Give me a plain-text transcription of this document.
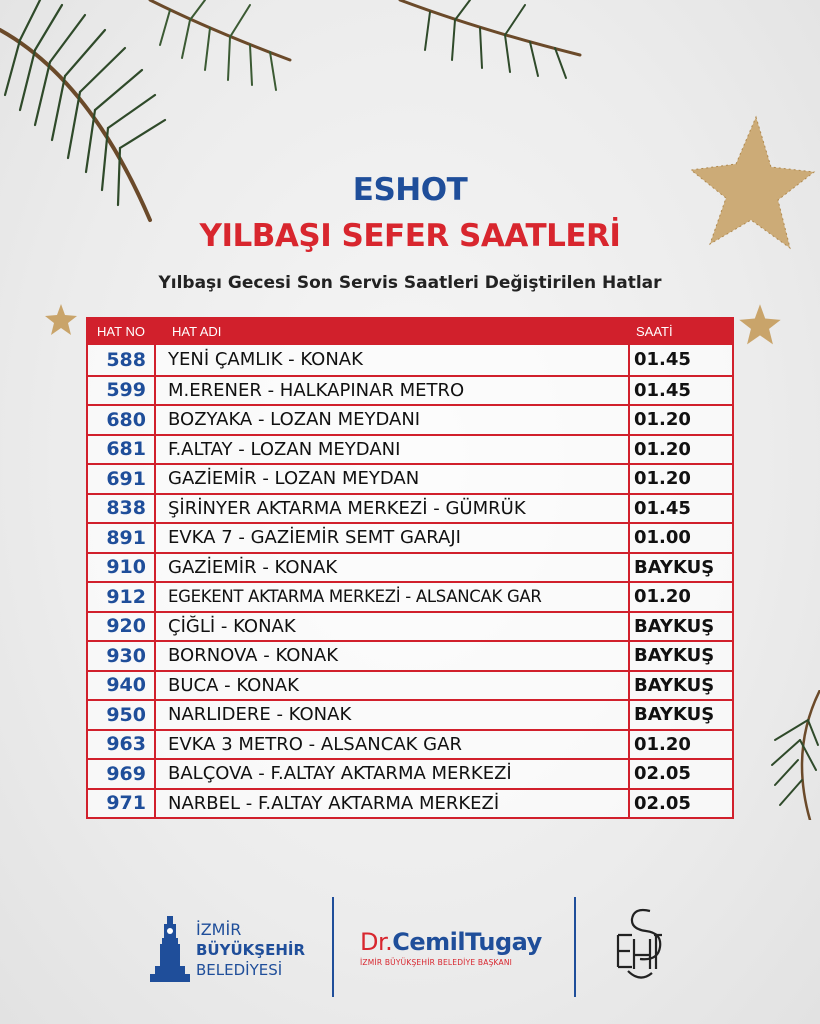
ESHOT
YILBAŞI SEFER SAATLERİ
Yılbaşı Gecesi Son Servis Saatleri Değiştirilen Hatlar
HAT NO	HAT ADI	SAATİ
588	YENİ ÇAMLIK - KONAK	01.45
599	M.ERENER - HALKAPINAR METRO	01.45
680	BOZYAKA - LOZAN MEYDANI	01.20
681	F.ALTAY - LOZAN MEYDANI	01.20
691	GAZİEMİR - LOZAN MEYDAN	01.20
838	ŞİRİNYER AKTARMA MERKEZİ - GÜMRÜK	01.45
891	EVKA 7 - GAZİEMİR SEMT GARAJI	01.00
910	GAZİEMİR - KONAK	BAYKUŞ
912	EGEKENT AKTARMA MERKEZİ - ALSANCAK GAR	01.20
920	ÇİĞLİ - KONAK	BAYKUŞ
930	BORNOVA - KONAK	BAYKUŞ
940	BUCA - KONAK	BAYKUŞ
950	NARLIDERE - KONAK	BAYKUŞ
963	EVKA 3 METRO - ALSANCAK GAR	01.20
969	BALÇOVA - F.ALTAY AKTARMA MERKEZİ	02.05
971	NARBEL - F.ALTAY AKTARMA MERKEZİ	02.05
İZMİR
BÜYÜKŞEHİR
BELEDİYESİ
Dr.CemilTugay
İZMİR BÜYÜKŞEHİR BELEDİYE BAŞKANI
